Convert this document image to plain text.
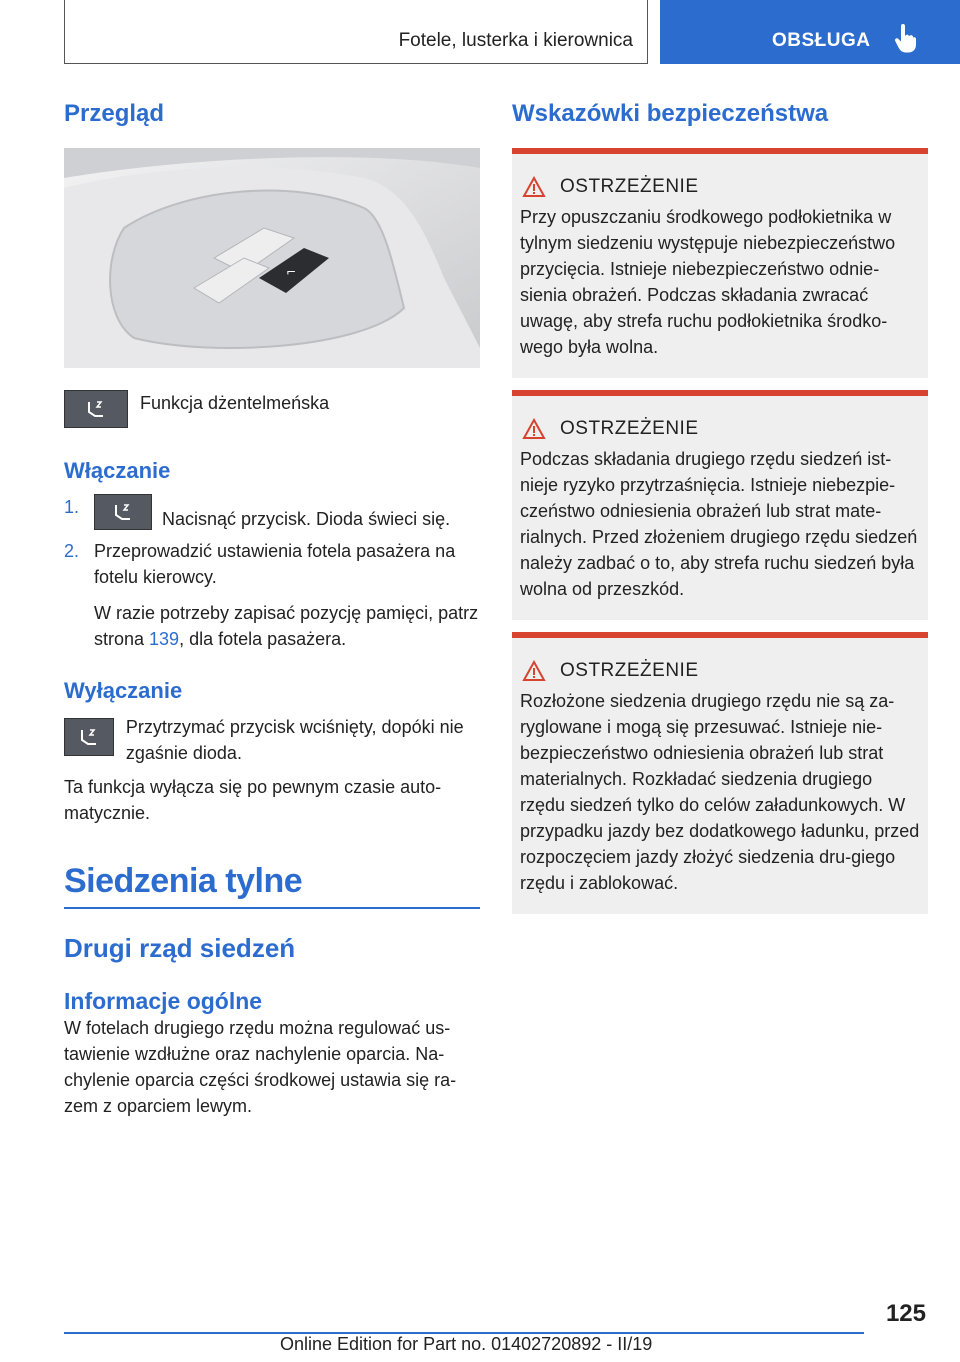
Fotele, lusterka i kierownica	OBSŁUGA
Przegląd
⌐
Funkcja dżentelmeńska
Włączanie
1.
Nacisnąć przycisk. Dioda świeci się.
2. Przeprowadzić ustawienia fotela pasażera na fotelu kierowcy.

W razie potrzeby zapisać pozycję pamięci, patrz strona 139, dla fotela pasażera.

Wyłączanie
Przytrzymać przycisk wciśnięty, dopóki nie zgaśnie dioda.

Ta funkcja wyłącza się po pewnym czasie auto-matycznie.

Siedzenia tylne
Drugi rząd siedzeń
Informacje ogólne

W fotelach drugiego rzędu można regulować us-tawienie wzdłużne oraz nachylenie oparcia. Na-chylenie oparcia części środkowej ustawia się ra-zem z oparciem lewym.

Wskazówki bezpieczeństwa
OSTRZEŻENIE

Przy opuszczaniu środkowego podłokietnika w tylnym siedzeniu występuje niebezpieczeństwo przycięcia. Istnieje niebezpieczeństwo odnie-sienia obrażeń. Podczas składania zwracać uwagę, aby strefa ruchu podłokietnika środko-wego była wolna.

OSTRZEŻENIE

Podczas składania drugiego rzędu siedzeń ist-nieje ryzyko przytrzaśnięcia. Istnieje niebezpie-czeństwo odniesienia obrażeń lub strat mate-rialnych. Przed złożeniem drugiego rzędu siedzeń należy zadbać o to, aby strefa ruchu siedzeń była wolna od przeszkód.

OSTRZEŻENIE

Rozłożone siedzenia drugiego rzędu nie są za-ryglowane i mogą się przesuwać. Istnieje nie-bezpieczeństwo odniesienia obrażeń lub strat materialnych. Rozkładać siedzenia drugiego rzędu siedzeń tylko do celów załadunkowych. W przypadku jazdy bez dodatkowego ładunku, przed rozpoczęciem jazdy złożyć siedzenia dru-giego rzędu i zablokować.

125
Online Edition for Part no. 01402720892 - II/19
